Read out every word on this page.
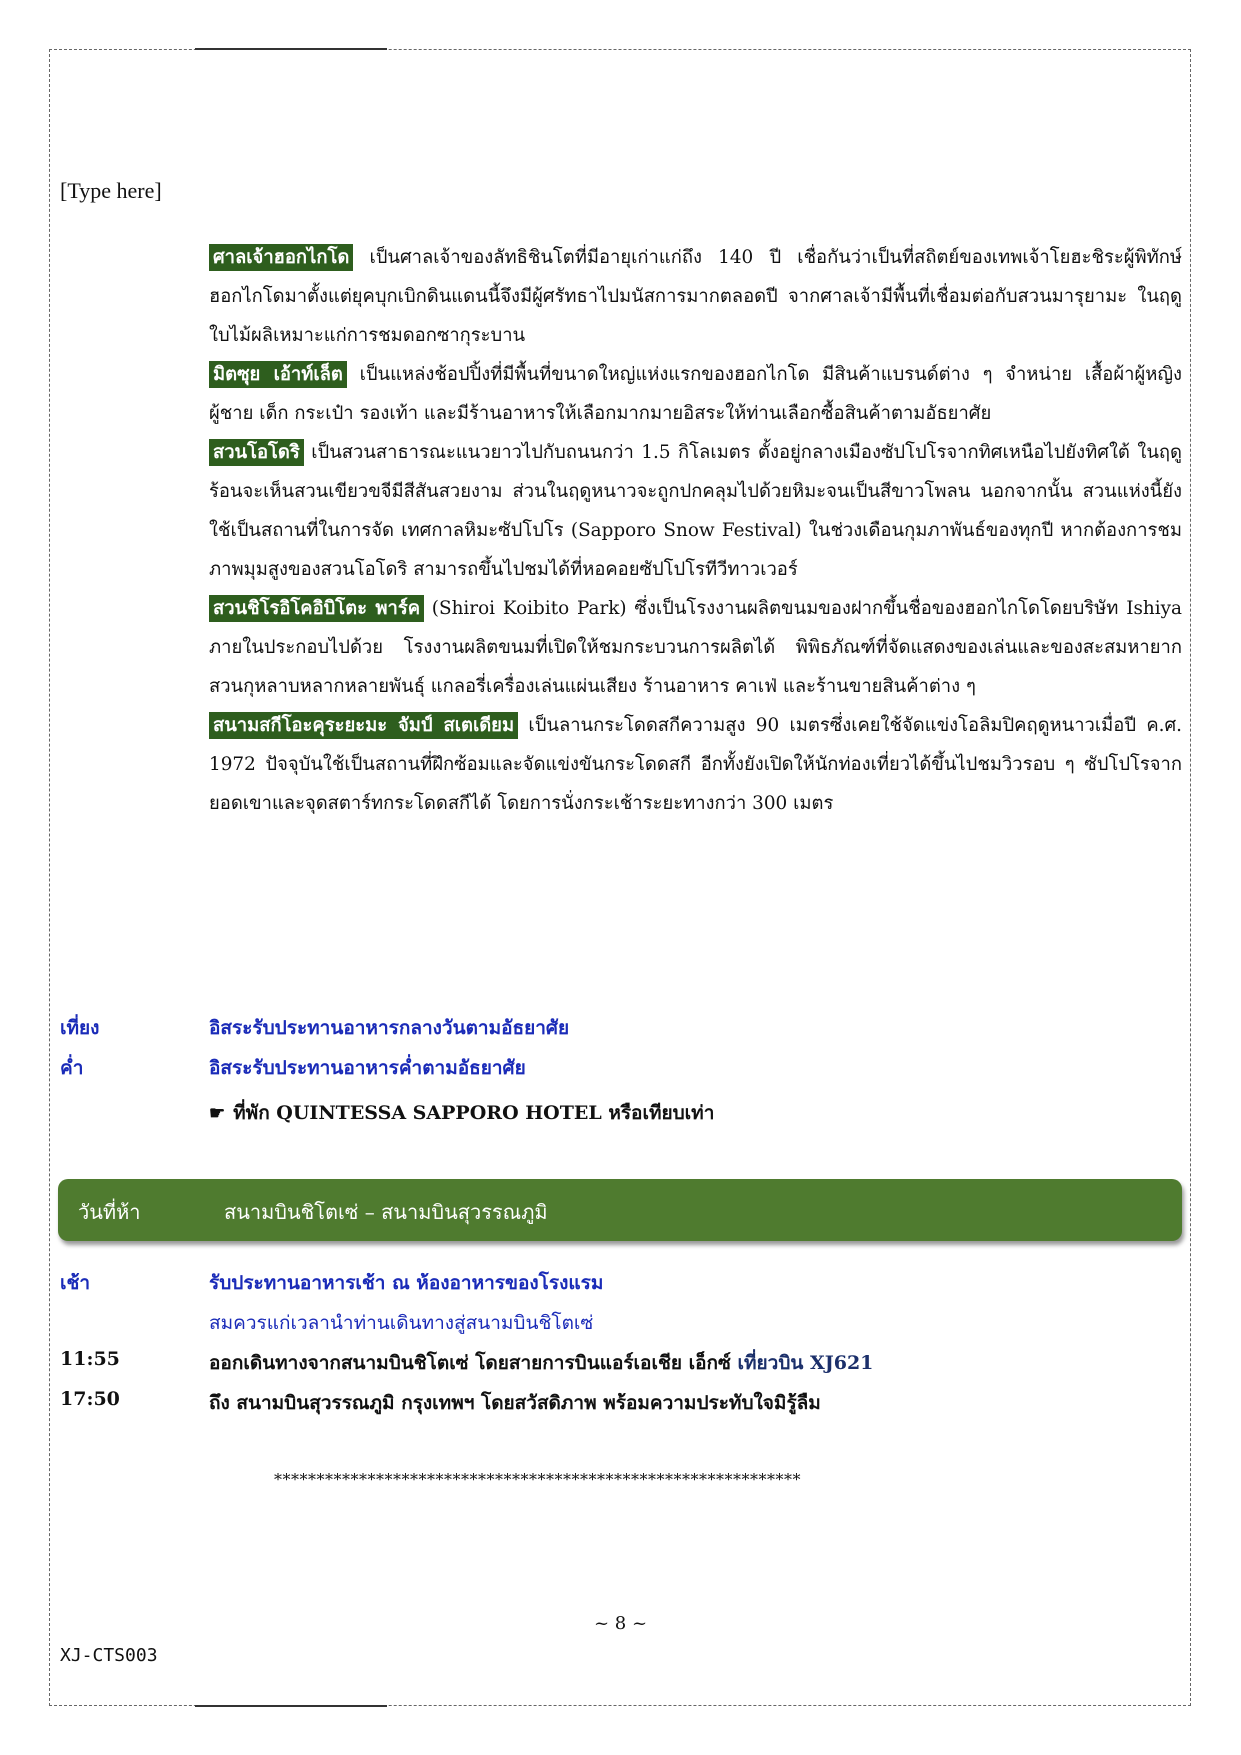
[Type here]

ศาลเจ้าฮอกไกโด เป็นศาลเจ้าของลัทธิชินโตที่มีอายุเก่าแก่ถึง 140 ปี เชื่อกันว่าเป็นที่สถิตย์ของเทพเจ้าโยฮะชิระผู้พิทักษ์ฮอกไกโดมาตั้งแต่ยุคบุกเบิกดินแดนนี้จึงมีผู้ศรัทธาไปมนัสการมากตลอดปี จากศาลเจ้ามีพื้นที่เชื่อมต่อกับสวนมารุยามะ ในฤดูใบไม้ผลิเหมาะแก่การชมดอกซากุระบาน

มิตซุย เอ้าท์เล็ต เป็นแหล่งช้อปปิ้งที่มีพื้นที่ขนาดใหญ่แห่งแรกของฮอกไกโด มีสินค้าแบรนด์ต่าง ๆ จำหน่าย เสื้อผ้าผู้หญิง ผู้ชาย เด็ก กระเป๋า รองเท้า และมีร้านอาหารให้เลือกมากมายอิสระให้ท่านเลือกซื้อสินค้าตามอัธยาศัย

สวนโอโดริ เป็นสวนสาธารณะแนวยาวไปกับถนนกว่า 1.5 กิโลเมตร ตั้งอยู่กลางเมืองซัปโปโรจากทิศเหนือไปยังทิศใต้ ในฤดูร้อนจะเห็นสวนเขียวขจีมีสีสันสวยงาม ส่วนในฤดูหนาวจะถูกปกคลุมไปด้วยหิมะจนเป็นสีขาวโพลน นอกจากนั้น สวนแห่งนี้ยังใช้เป็นสถานที่ในการจัด เทศกาลหิมะซัปโปโร (Sapporo Snow Festival) ในช่วงเดือนกุมภาพันธ์ของทุกปี หากต้องการชมภาพมุมสูงของสวนโอโดริ สามารถขึ้นไปชมได้ที่หอคอยซัปโปโรทีวีทาวเวอร์

สวนชิโรอิโคอิบิโตะ พาร์ค (Shiroi Koibito Park) ซึ่งเป็นโรงงานผลิตขนมของฝากขึ้นชื่อของฮอกไกโดโดยบริษัท Ishiya ภายในประกอบไปด้วย โรงงานผลิตขนมที่เปิดให้ชมกระบวนการผลิตได้ พิพิธภัณฑ์ที่จัดแสดงของเล่นและของสะสมหายาก สวนกุหลาบหลากหลายพันธุ์ แกลอรี่เครื่องเล่นแผ่นเสียง ร้านอาหาร คาเฟ่ และร้านขายสินค้าต่าง ๆ

สนามสกีโอะคุระยะมะ จัมป์ สเตเดียม เป็นลานกระโดดสกีความสูง 90 เมตรซึ่งเคยใช้จัดแข่งโอลิมปิคฤดูหนาวเมื่อปี ค.ศ. 1972 ปัจจุบันใช้เป็นสถานที่ฝึกซ้อมและจัดแข่งขันกระโดดสกี อีกทั้งยังเปิดให้นักท่องเที่ยวได้ขึ้นไปชมวิวรอบ ๆ ซัปโปโรจากยอดเขาและจุดสตาร์ทกระโดดสกีได้ โดยการนั่งกระเช้าระยะทางกว่า 300 เมตร

เที่ยง	อิสระรับประทานอาหารกลางวันตามอัธยาศัย
ค่ำ	อิสระรับประทานอาหารค่ำตามอัธยาศัย
☛ ที่พัก QUINTESSA SAPPORO HOTEL หรือเทียบเท่า
วันที่ห้า	สนามบินชิโตเซ่ – สนามบินสุวรรณภูมิ
เช้า	รับประทานอาหารเช้า ณ ห้องอาหารของโรงแรม
สมควรแก่เวลานำท่านเดินทางสู่สนามบินชิโตเซ่
11:55	ออกเดินทางจากสนามบินชิโตเซ่ โดยสายการบินแอร์เอเชีย เอ็กซ์ เที่ยวบิน XJ621
17:50	ถึง สนามบินสุวรรณภูมิ กรุงเทพฯ โดยสวัสดิภาพ พร้อมความประทับใจมิรู้ลืม
**************************************************************
~ 8 ~
XJ-CTS003
